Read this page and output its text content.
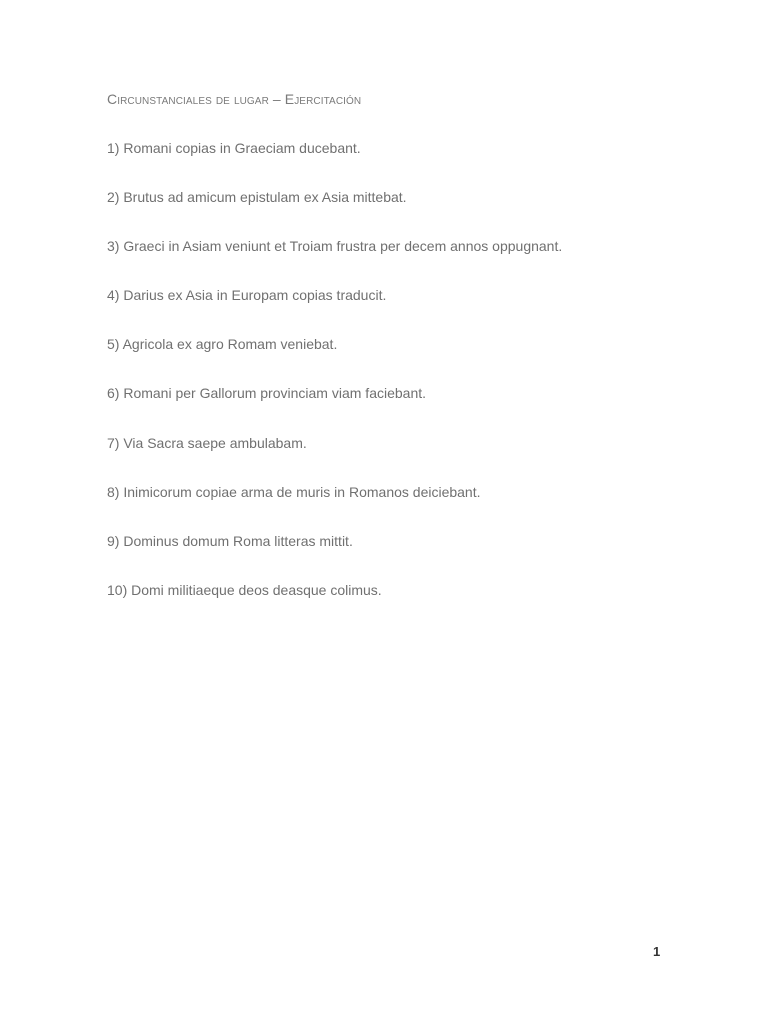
Circunstanciales de lugar – Ejercitación
1) Romani copias in Graeciam ducebant.
2) Brutus ad amicum epistulam ex Asia mittebat.
3) Graeci in Asiam veniunt et Troiam frustra per decem annos oppugnant.
4) Darius ex Asia in Europam copias traducit.
5) Agricola ex agro Romam veniebat.
6) Romani per Gallorum provinciam viam faciebant.
7) Via Sacra saepe ambulabam.
8) Inimicorum copiae arma de muris in Romanos deiciebant.
9) Dominus domum Roma litteras mittit.
10) Domi militiaeque deos deasque colimus.
1
